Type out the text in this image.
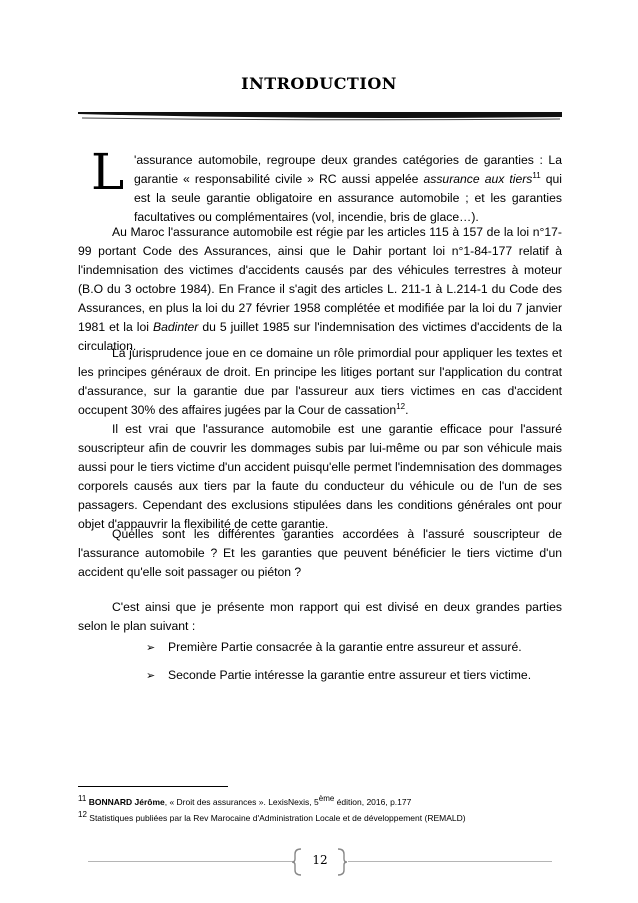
INTRODUCTION
L 'assurance automobile, regroupe deux grandes catégories de garanties : La garantie « responsabilité civile » RC aussi appelée assurance aux tiers$^{11}$ qui est la seule garantie obligatoire en assurance automobile ; et les garanties facultatives ou complémentaires (vol, incendie, bris de glace…).

Au Maroc l'assurance automobile est régie par les articles 115 à 157 de la loi n°17-99 portant Code des Assurances, ainsi que le Dahir portant loi n°1-84-177 relatif à l'indemnisation des victimes d'accidents causés par des véhicules terrestres à moteur (B.O du 3 octobre 1984). En France il s'agit des articles L. 211-1 à L.214-1 du Code des Assurances, en plus la loi du 27 février 1958 complétée et modifiée par la loi du 7 janvier 1981 et la loi Badinter du 5 juillet 1985 sur l'indemnisation des victimes d'accidents de la circulation.

La jurisprudence joue en ce domaine un rôle primordial pour appliquer les textes et les principes généraux de droit. En principe les litiges portant sur l'application du contrat d'assurance, sur la garantie due par l'assureur aux tiers victimes en cas d'accident occupent 30% des affaires jugées par la Cour de cassation$^{12}$.

Il est vrai que l'assurance automobile est une garantie efficace pour l'assuré souscripteur afin de couvrir les dommages subis par lui-même ou par son véhicule mais aussi pour le tiers victime d'un accident puisqu'elle permet l'indemnisation des dommages corporels causés aux tiers par la faute du conducteur du véhicule ou de l'un de ses passagers. Cependant des exclusions stipulées dans les conditions générales ont pour objet d'appauvrir la flexibilité de cette garantie.

Quelles sont les différentes garanties accordées à l'assuré souscripteur de l'assurance automobile ? Et les garanties que peuvent bénéficier le tiers victime d'un accident qu'elle soit passager ou piéton ?

C'est ainsi que je présente mon rapport qui est divisé en deux grandes parties selon le plan suivant :

➢ Première Partie consacrée à la garantie entre assureur et assuré.
➢ Seconde Partie intéresse la garantie entre assureur et tiers victime.
$^{11}$ BONNARD Jérôme, « Droit des assurances ». LexisNexis, 5ème édition, 2016, p.177
$^{12}$ Statistiques publiées par la Rev Marocaine d'Administration Locale et de développement (REMALD)
12
